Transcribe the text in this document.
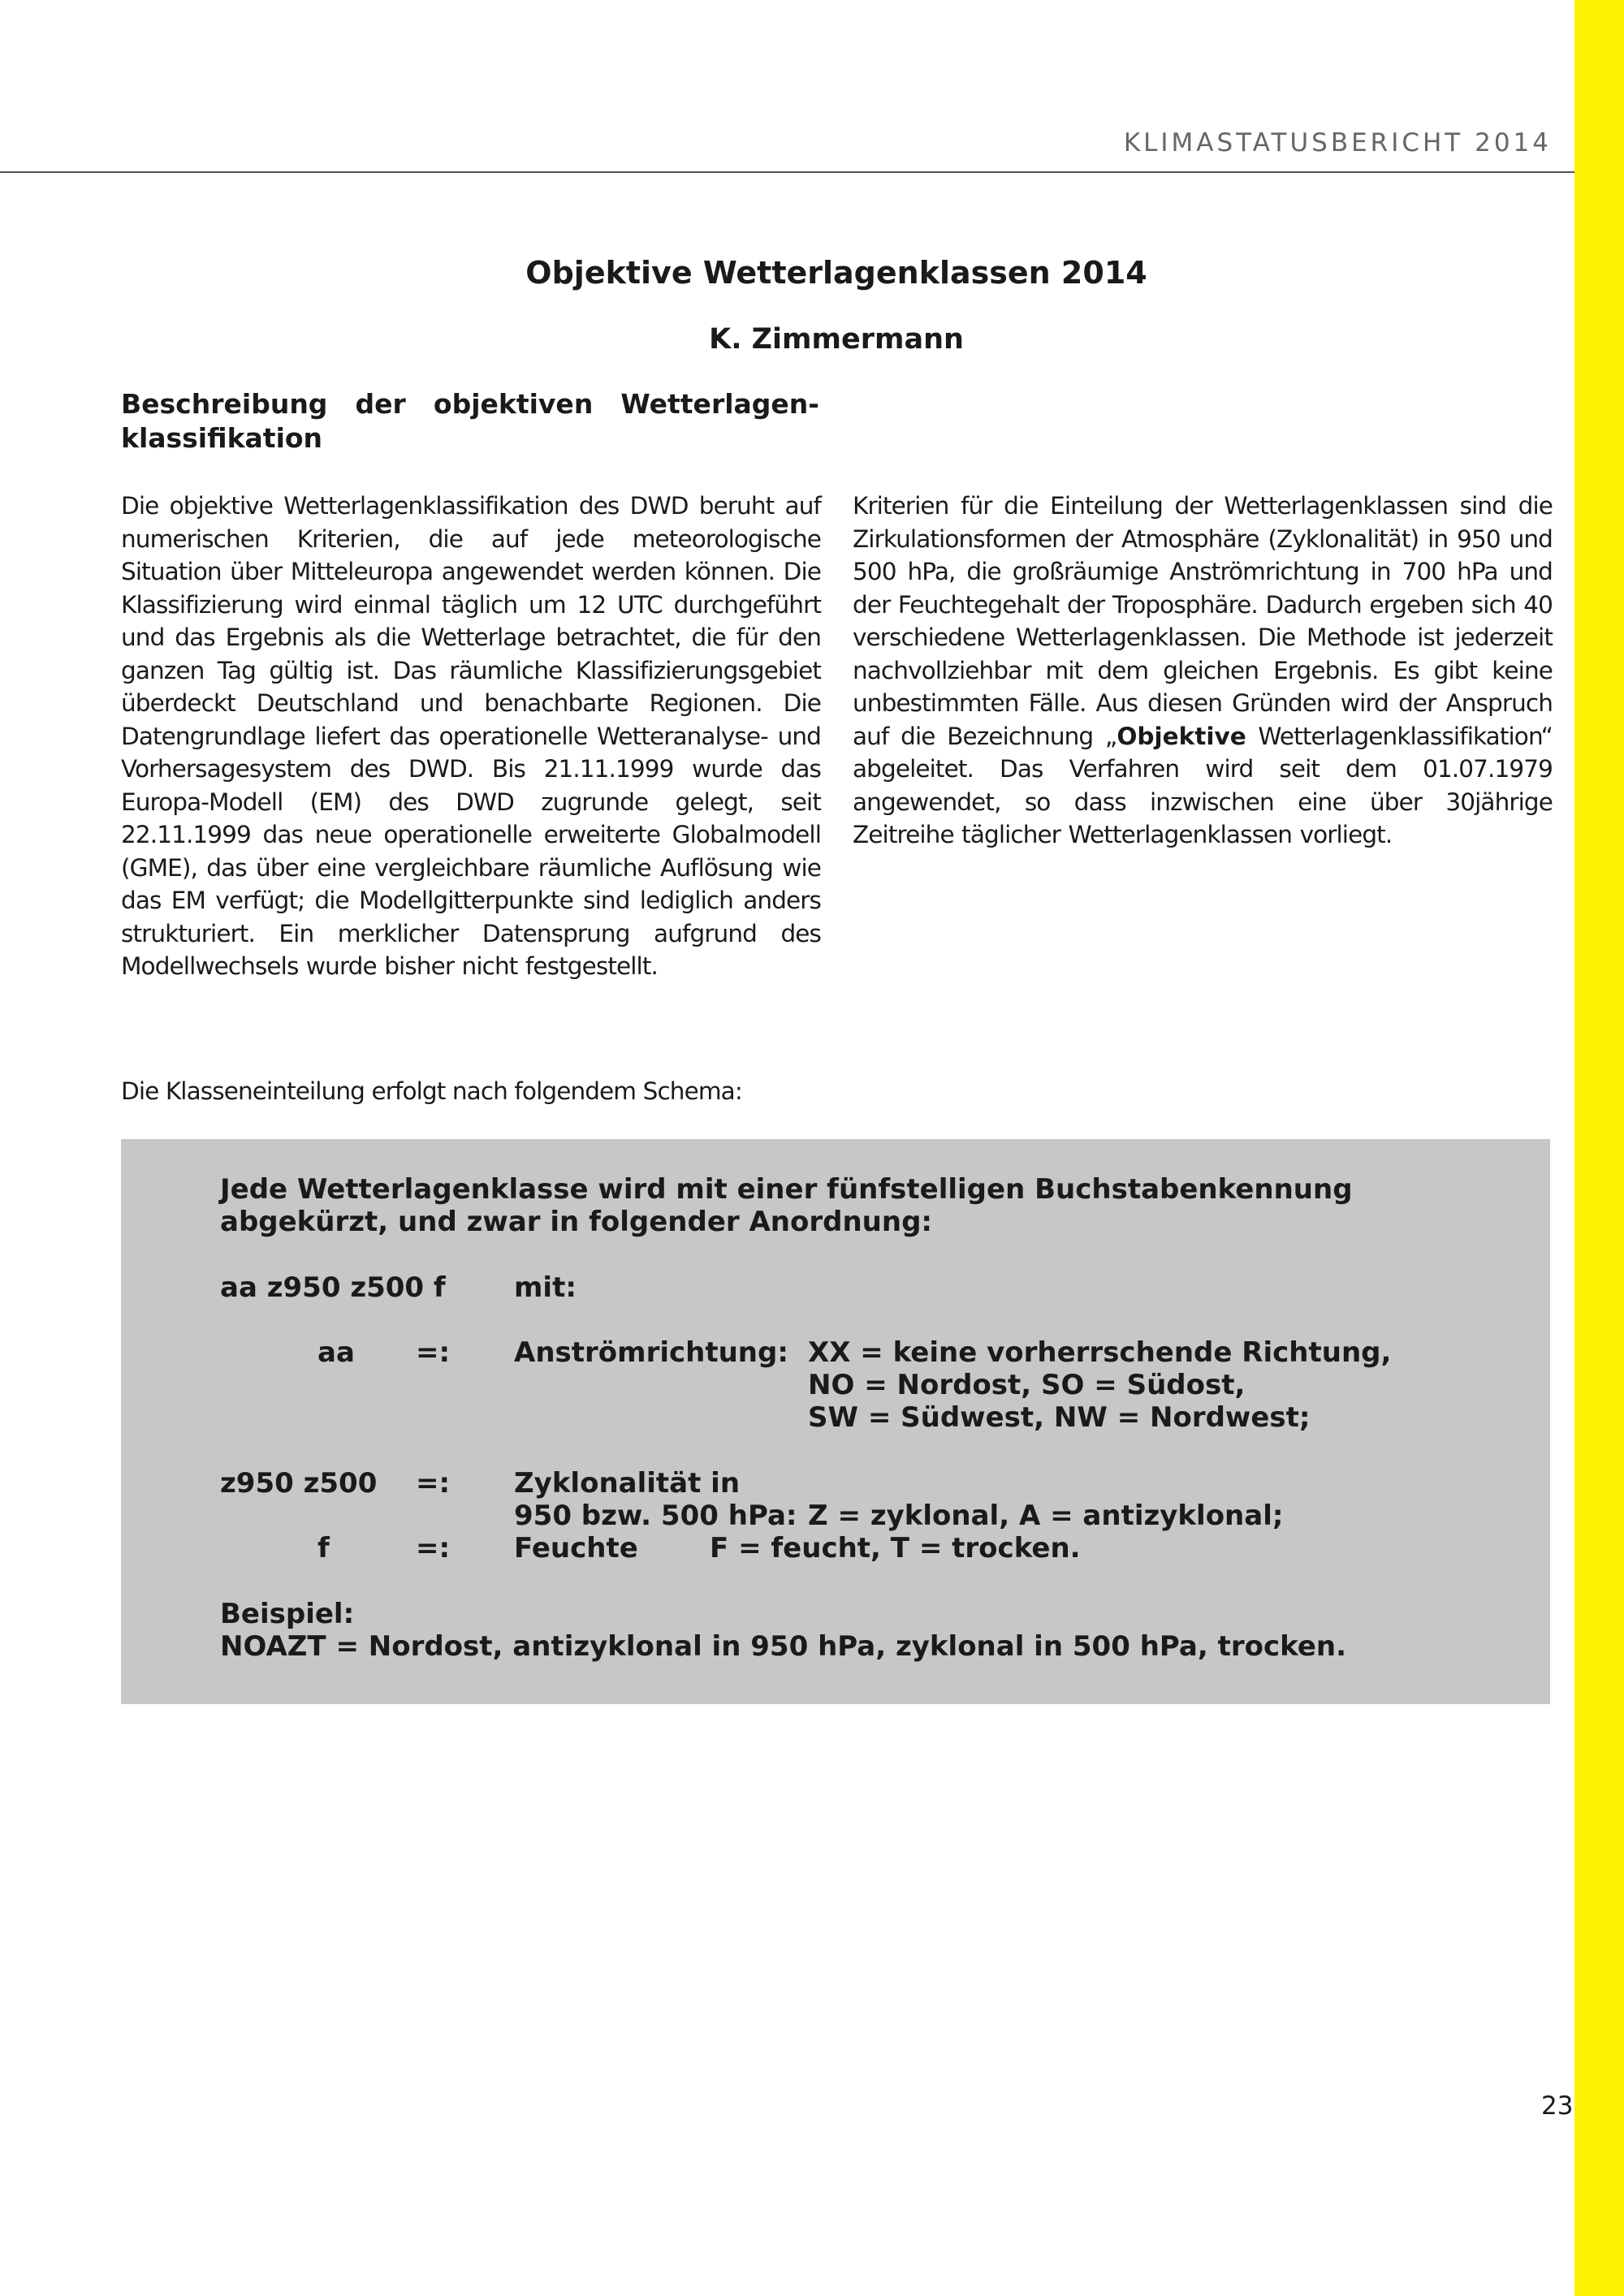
KLIMASTATUSBERICHT 2014
Objektive Wetterlagenklassen 2014
K. Zimmermann
Beschreibung der objektiven Wetterlagen-klassifikation
Die objektive Wetterlagenklassifikation des DWD beruht auf numerischen Kriterien, die auf jede meteorologische Situation über Mitteleuropa angewendet werden können. Die Klassifizierung wird einmal täglich um 12 UTC durchgeführt und das Ergebnis als die Wetterlage betrachtet, die für den ganzen Tag gültig ist. Das räumliche Klassifizierungsgebiet überdeckt Deutschland und benachbarte Regionen. Die Datengrundlage liefert das operationelle Wetteranalyse- und Vorhersagesystem des DWD. Bis 21.11.1999 wurde das Europa-Modell (EM) des DWD zugrunde gelegt, seit 22.11.1999 das neue operationelle erweiterte Globalmodell (GME), das über eine vergleichbare räumliche Auflösung wie das EM verfügt; die Modellgitterpunkte sind lediglich anders strukturiert. Ein merklicher Datensprung aufgrund des Modellwechsels wurde bisher nicht festgestellt.
Kriterien für die Einteilung der Wetterlagenklassen sind die Zirkulationsformen der Atmosphäre (Zyklonalität) in 950 und 500 hPa, die großräumige Anströmrichtung in 700 hPa und der Feuchtegehalt der Troposphäre. Dadurch ergeben sich 40 verschiedene Wetterlagenklassen. Die Methode ist jederzeit nachvollziehbar mit dem gleichen Ergebnis. Es gibt keine unbestimmten Fälle. Aus diesen Gründen wird der Anspruch auf die Bezeichnung „Objektive Wetterlagenklassifikation“ abgeleitet. Das Verfahren wird seit dem 01.07.1979 angewendet, so dass inzwischen eine über 30jährige Zeitreihe täglicher Wetterlagenklassen vorliegt.
Die Klasseneinteilung erfolgt nach folgendem Schema:
Jede Wetterlagenklasse wird mit einer fünfstelligen Buchstabenkennung
abgekürzt, und zwar in folgender Anordnung:
aa z950 z500 f mit:
aa =: Anströmrichtung: XX = keine vorherrschende Richtung,
NO = Nordost, SO = Südost,
SW = Südwest, NW = Nordwest;
z950 z500 =: Zyklonalität in
950 bzw. 500 hPa: Z = zyklonal, A = antizyklonal;
f	=: Feuchte	F = feucht, T = trocken.
Beispiel:
NOAZT = Nordost, antizyklonal in 950 hPa, zyklonal in 500 hPa, trocken.
23
